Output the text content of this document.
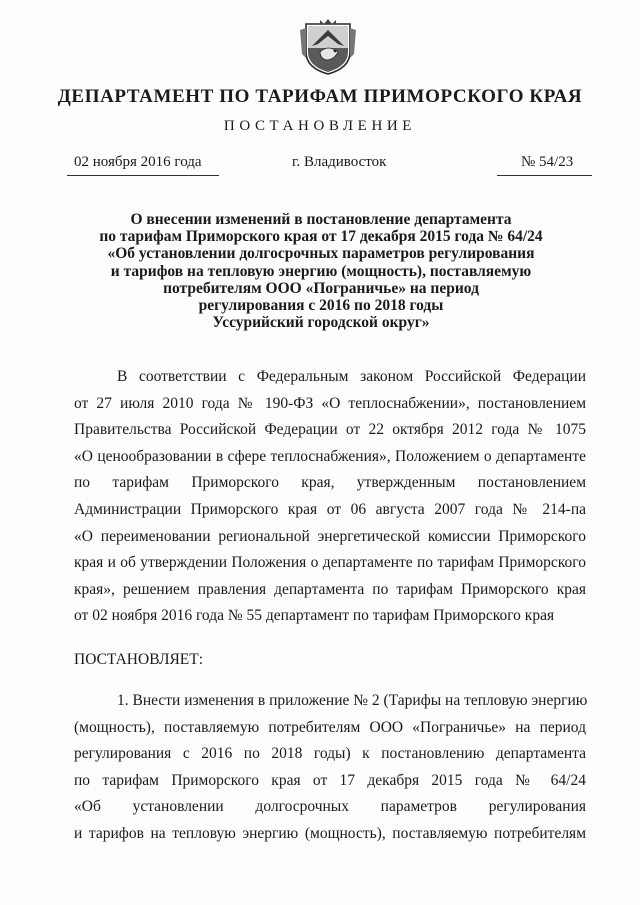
ДЕПАРТАМЕНТ ПО ТАРИФАМ ПРИМОРСКОГО КРАЯ
ПОСТАНОВЛЕНИЕ
02 ноября 2016 года	г. Владивосток	№ 54/23
О внесении изменений в постановление департамента
по тарифам Приморского края от 17 декабря 2015 года № 64/24
«Об установлении долгосрочных параметров регулирования
и тарифов на тепловую энергию (мощность), поставляемую
потребителям ООО «Пограничье» на период
регулирования с 2016 по 2018 годы
Уссурийский городской округ»
В соответствии с Федеральным законом Российской Федерации
от 27 июля 2010 года № 190-ФЗ «О теплоснабжении», постановлением
Правительства Российской Федерации от 22 октября 2012 года № 1075
«О ценообразовании в сфере теплоснабжения», Положением о департаменте
по тарифам Приморского края, утвержденным постановлением
Администрации Приморского края от 06 августа 2007 года № 214-па
«О переименовании региональной энергетической комиссии Приморского
края и об утверждении Положения о департаменте по тарифам Приморского
края», решением правления департамента по тарифам Приморского края
от 02 ноября 2016 года № 55 департамент по тарифам Приморского края
ПОСТАНОВЛЯЕТ:
1. Внести изменения в приложение № 2 (Тарифы на тепловую энергию
(мощность), поставляемую потребителям ООО «Пограничье» на период
регулирования с 2016 по 2018 годы) к постановлению департамента
по тарифам Приморского края от 17 декабря 2015 года № 64/24
«Об установлении долгосрочных параметров регулирования
и тарифов на тепловую энергию (мощность), поставляемую потребителям
